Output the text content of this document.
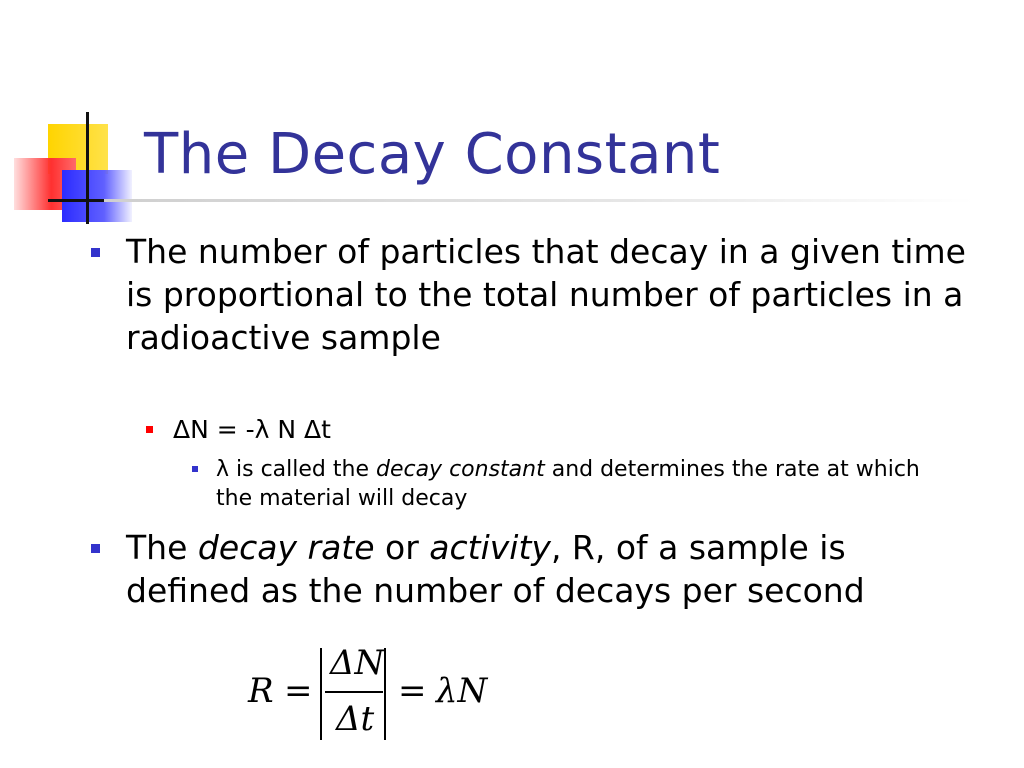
The Decay Constant
The number of particles that decay in a given time is proportional to the total number of particles in a radioactive sample
ΔN = -λ N Δt
λ is called the decay constant and determines the rate at which the material will decay
The decay rate or activity, R, of a sample is defined as the number of decays per second
R =
ΔN
Δt
= λN
